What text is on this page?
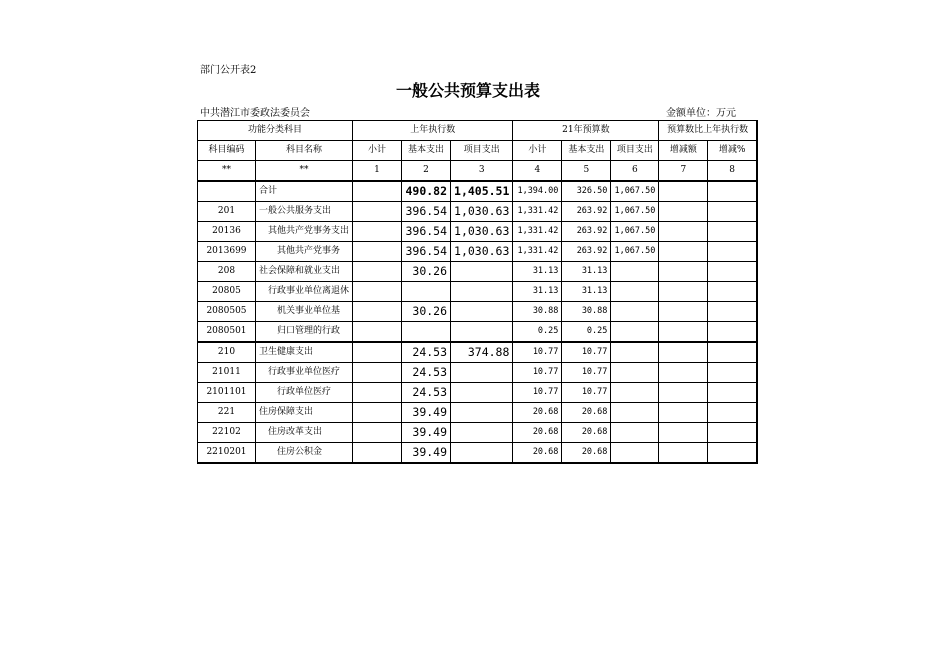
部门公开表2
一般公共预算支出表
中共潜江市委政法委员会	金额单位：万元
功能分类科目		上年执行数			21年预算数			预算数比上年执行数	
科目编码	科目名称	小计	基本支出	项目支出	小计	基本支出	项目支出	增减额	增减%
**	**	1	2	3	4	5	6	7	8
	合计		490.82	1,405.51	1,394.00	326.50	1,067.50		
201	一般公共服务支出		396.54	1,030.63	1,331.42	263.92	1,067.50		
20136	　其他共产党事务支出		396.54	1,030.63	1,331.42	263.92	1,067.50		
2013699	　　其他共产党事务		396.54	1,030.63	1,331.42	263.92	1,067.50		
208	社会保障和就业支出		30.26		31.13	31.13			
20805	　行政事业单位离退休				31.13	31.13			
2080505	　　机关事业单位基		30.26		30.88	30.88			
2080501	　　归口管理的行政				0.25	0.25			
210	卫生健康支出		24.53	374.88	10.77	10.77			
21011	　行政事业单位医疗		24.53		10.77	10.77			
2101101	　　行政单位医疗		24.53		10.77	10.77			
221	住房保障支出		39.49		20.68	20.68			
22102	　住房改革支出		39.49		20.68	20.68			
2210201	　　住房公积金		39.49		20.68	20.68			
